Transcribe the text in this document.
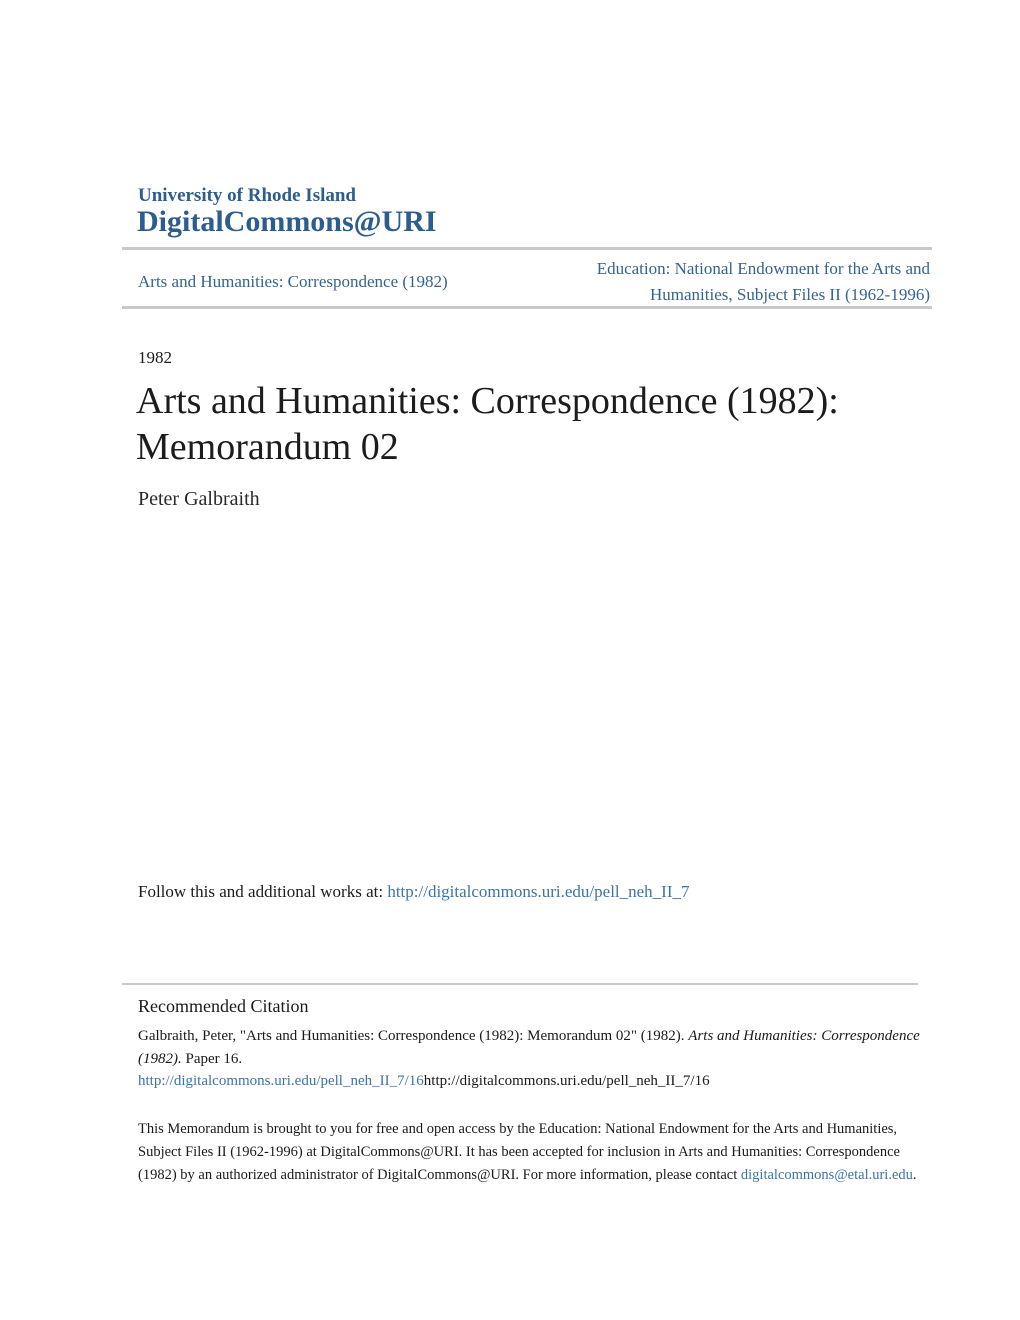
University of Rhode Island
DigitalCommons@URI
Arts and Humanities: Correspondence (1982)
Education: National Endowment for the Arts and Humanities, Subject Files II (1962-1996)
1982
Arts and Humanities: Correspondence (1982): Memorandum 02
Peter Galbraith
Follow this and additional works at: http://digitalcommons.uri.edu/pell_neh_II_7
Recommended Citation

Galbraith, Peter, "Arts and Humanities: Correspondence (1982): Memorandum 02" (1982). Arts and Humanities: Correspondence (1982). Paper 16.
http://digitalcommons.uri.edu/pell_neh_II_7/16http://digitalcommons.uri.edu/pell_neh_II_7/16

This Memorandum is brought to you for free and open access by the Education: National Endowment for the Arts and Humanities, Subject Files II (1962-1996) at DigitalCommons@URI. It has been accepted for inclusion in Arts and Humanities: Correspondence (1982) by an authorized administrator of DigitalCommons@URI. For more information, please contact digitalcommons@etal.uri.edu.
